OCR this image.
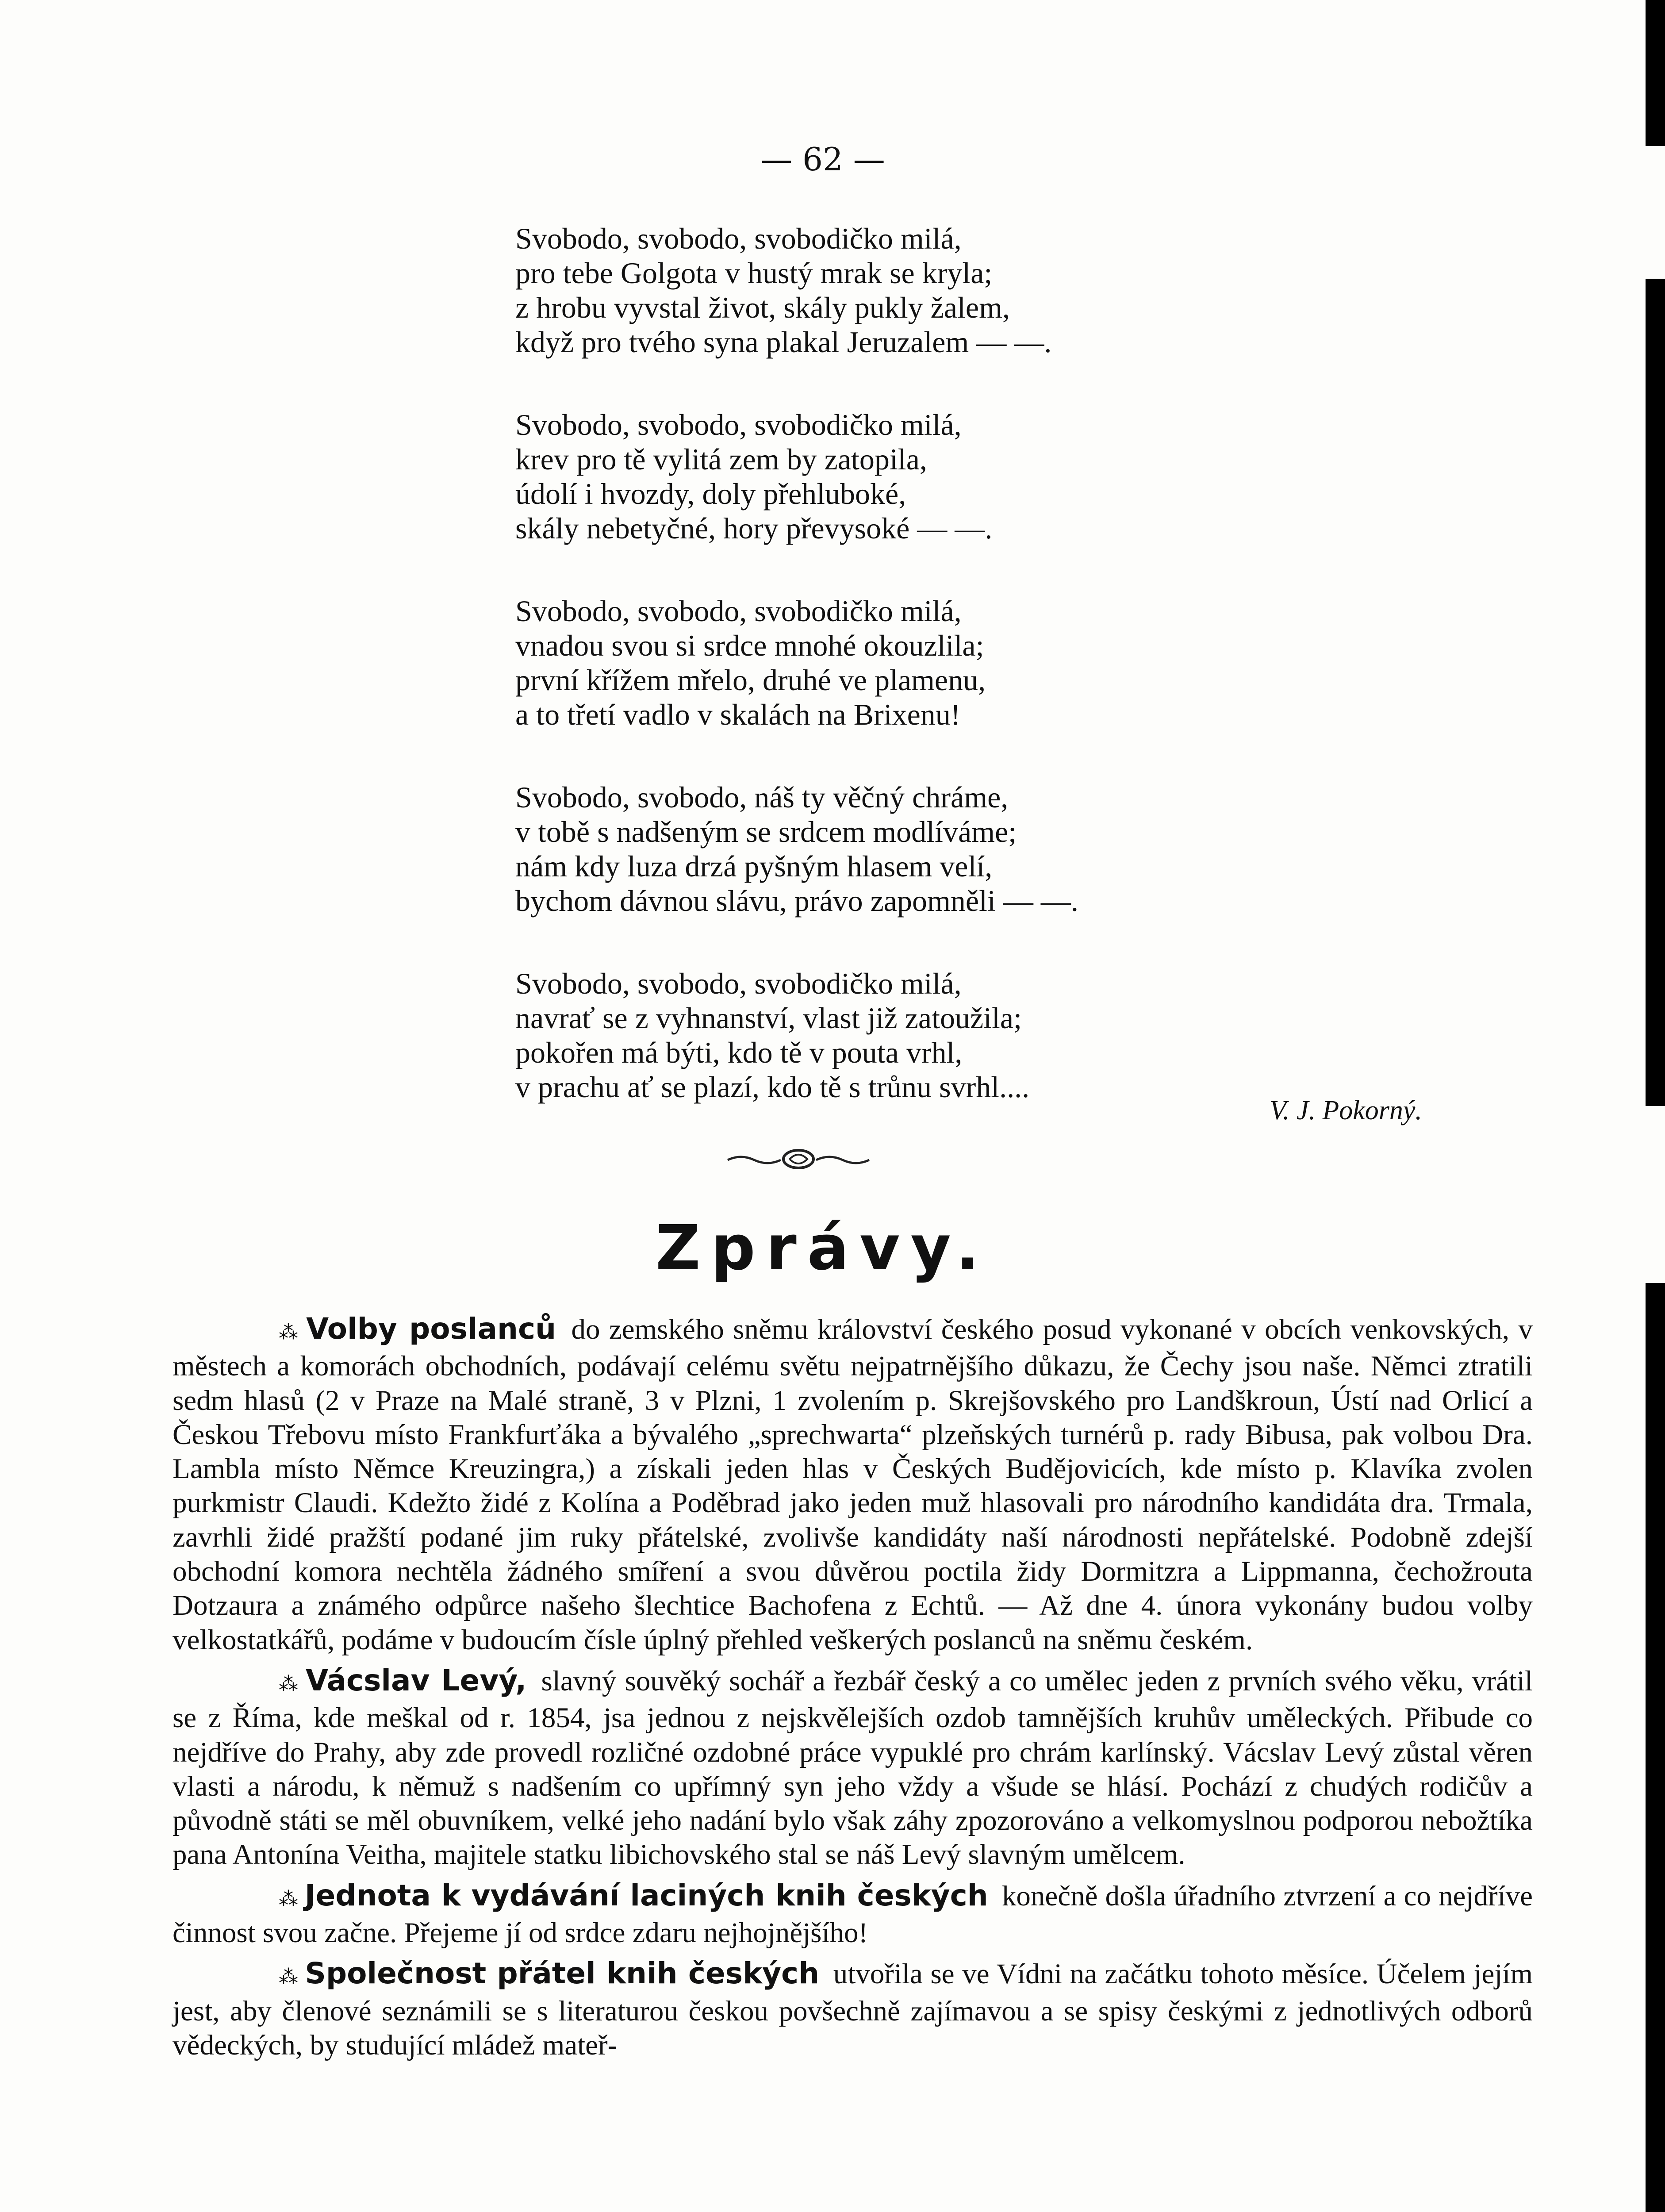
— 62 —
Svobodo, svobodo, svobodičko milá,
pro tebe Golgota v hustý mrak se kryla;
z hrobu vyvstal život, skály pukly žalem,
když pro tvého syna plakal Jeruzalem — —.
Svobodo, svobodo, svobodičko milá,
krev pro tě vylitá zem by zatopila,
údolí i hvozdy, doly přehluboké,
skály nebetyčné, hory převysoké — —.
Svobodo, svobodo, svobodičko milá,
vnadou svou si srdce mnohé okouzlila;
první křížem mřelo, druhé ve plamenu,
a to třetí vadlo v skalách na Brixenu!
Svobodo, svobodo, náš ty věčný chráme,
v tobě s nadšeným se srdcem modlíváme;
nám kdy luza drzá pyšným hlasem velí,
bychom dávnou slávu, právo zapomněli — —.
Svobodo, svobodo, svobodičko milá,
navrať se z vyhnanství, vlast již zatoužila;
pokořen má býti, kdo tě v pouta vrhl,
v prachu ať se plazí, kdo tě s trůnu svrhl....
V. J. Pokorný.
Zprávy.

⁂ Volby poslanců do zemského sněmu království českého posud vykonané v obcích venkovských, v městech a komorách obchodních, podávají celému světu nejpatrnějšího důkazu, že Čechy jsou naše. Němci ztratili sedm hlasů (2 v Praze na Malé straně, 3 v Plzni, 1 zvolením p. Skrejšovského pro Landškroun, Ústí nad Orlicí a Českou Třebovu místo Frankfurťáka a bývalého „sprechwarta“ plzeňských turnérů p. rady Bibusa, pak volbou Dra. Lambla místo Němce Kreuzingra,) a získali jeden hlas v Českých Budějovicích, kde místo p. Klavíka zvolen purkmistr Claudi. Kdežto židé z Kolína a Poděbrad jako jeden muž hlasovali pro národního kandidáta dra. Trmala, zavrhli židé pražští podané jim ruky přátelské, zvolivše kandidáty naší národnosti nepřátelské. Podobně zdejší obchodní komora nechtěla žádného smíření a svou důvěrou poctila židy Dormitzra a Lippmanna, čechožrouta Dotzaura a známého odpůrce našeho šlechtice Bachofena z Echtů. — Až dne 4. února vykonány budou volby velkostatkářů, podáme v budoucím čísle úplný přehled veškerých poslanců na sněmu českém.

⁂ Vácslav Levý, slavný souvěký sochář a řezbář český a co umělec jeden z prvních svého věku, vrátil se z Říma, kde meškal od r. 1854, jsa jednou z nejskvělejších ozdob tamnějších kruhův uměleckých. Přibude co nejdříve do Prahy, aby zde provedl rozličné ozdobné práce vypuklé pro chrám karlínský. Vácslav Levý zůstal věren vlasti a národu, k němuž s nadšením co upřímný syn jeho vždy a všude se hlásí. Pochází z chudých rodičův a původně státi se měl obuvníkem, velké jeho nadání bylo však záhy zpozorováno a velkomyslnou podporou nebožtíka pana Antonína Veitha, majitele statku libichovského stal se náš Levý slavným umělcem.

⁂ Jednota k vydávání laciných knih českých konečně došla úřadního ztvrzení a co nejdříve činnost svou začne. Přejeme jí od srdce zdaru nejhojnějšího!

⁂ Společnost přátel knih českých utvořila se ve Vídni na začátku tohoto měsíce. Účelem jejím jest, aby členové seznámili se s literaturou českou povšechně zajímavou a se spisy českými z jednotlivých odborů vědeckých, by studující mládež mateř-
